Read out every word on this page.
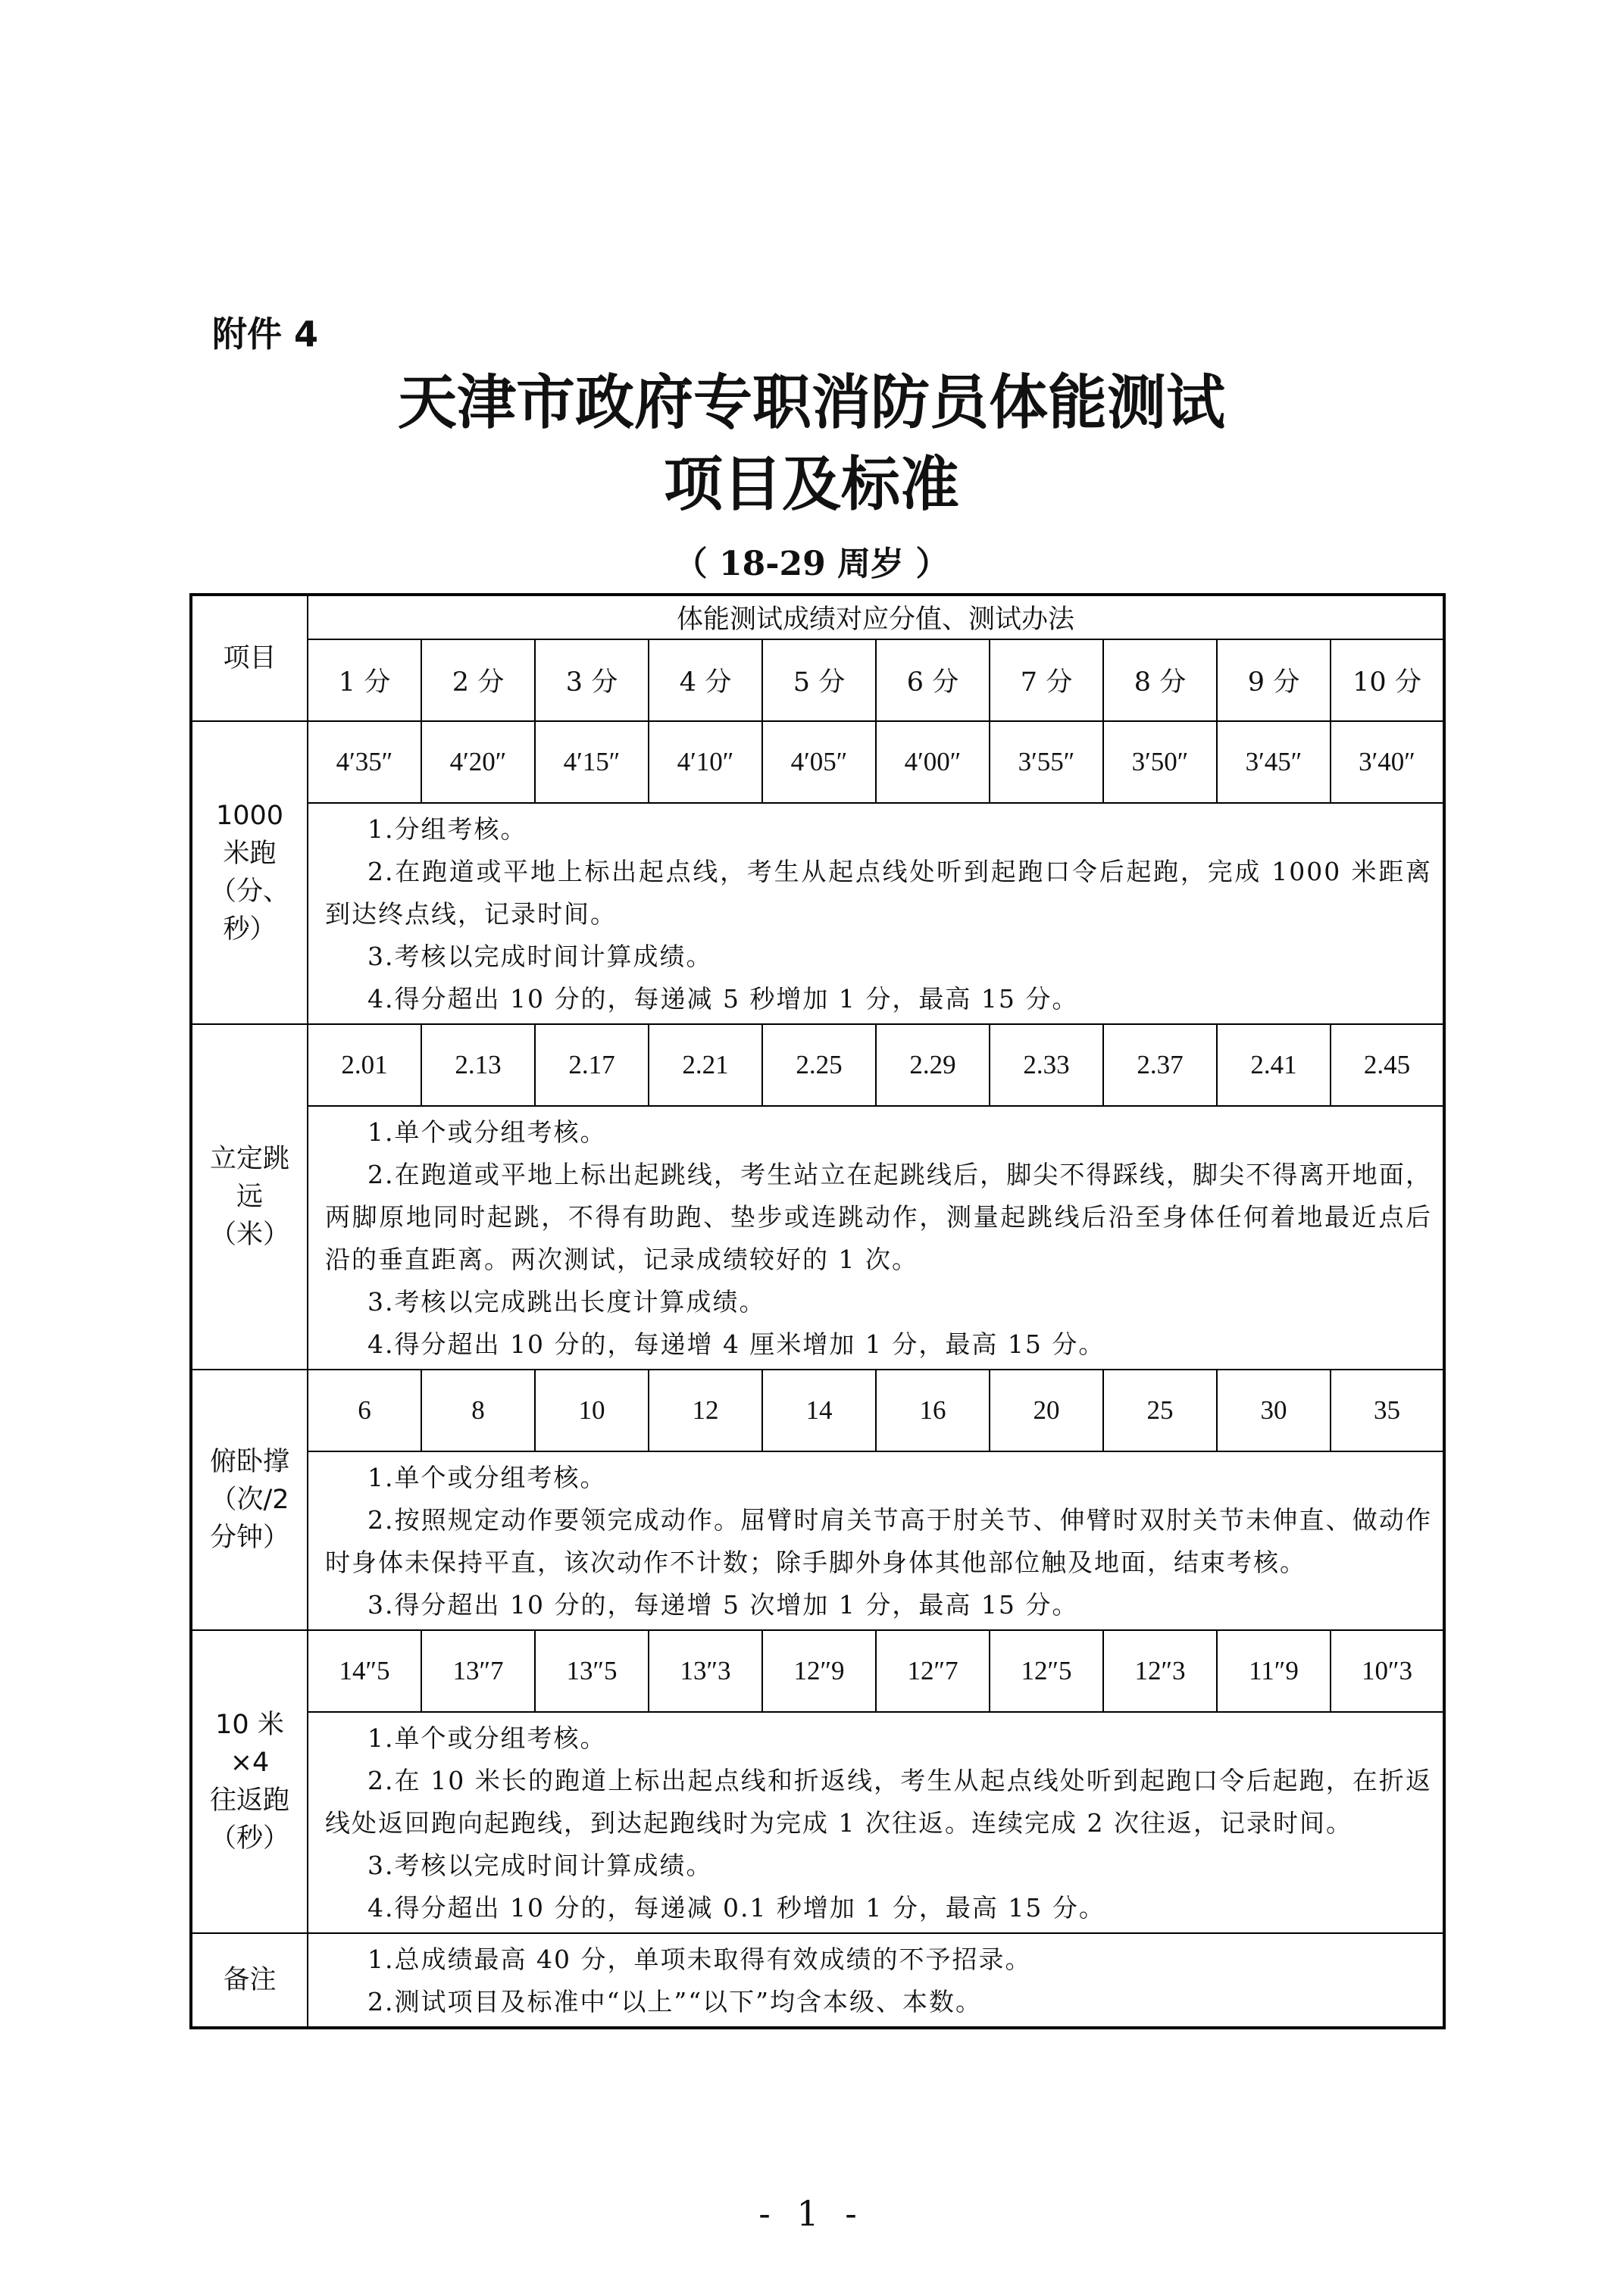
附件 4
天津市政府专职消防员体能测试
项目及标准
（ 18-29 周岁 ）
项目	体能测试成绩对应分值、测试办法									
	1 分	2 分	3 分	4 分	5 分	6 分	7 分	8 分	9 分	10 分

1000
米跑
（分、
秒）	4′35″	4′20″	4′15″	4′10″	4′05″	4′00″	3′55″	3′50″	3′45″	3′40″

	1.分组考核。

2.在跑道或平地上标出起点线，考生从起点线处听到起跑口令后起跑，完成 1000 米距离到达终点线，记录时间。

3.考核以完成时间计算成绩。

4.得分超出 10 分的，每递减 5 秒增加 1 分，最高 15 分。									

立定跳
远
（米）	2.01	2.13	2.17	2.21	2.25	2.29	2.33	2.37	2.41	2.45

	1.单个或分组考核。

2.在跑道或平地上标出起跳线，考生站立在起跳线后，脚尖不得踩线，脚尖不得离开地面，两脚原地同时起跳，不得有助跑、垫步或连跳动作，测量起跳线后沿至身体任何着地最近点后沿的垂直距离。两次测试，记录成绩较好的 1 次。

3.考核以完成跳出长度计算成绩。

4.得分超出 10 分的，每递增 4 厘米增加 1 分，最高 15 分。									

俯卧撑
（次/2
分钟）	6	8	10	12	14	16	20	25	30	35

	1.单个或分组考核。

2.按照规定动作要领完成动作。屈臂时肩关节高于肘关节、伸臂时双肘关节未伸直、做动作时身体未保持平直，该次动作不计数；除手脚外身体其他部位触及地面，结束考核。

3.得分超出 10 分的，每递增 5 次增加 1 分，最高 15 分。									

10 米
×4
往返跑
（秒）	14″5	13″7	13″5	13″3	12″9	12″7	12″5	12″3	11″9	10″3

	1.单个或分组考核。

2.在 10 米长的跑道上标出起点线和折返线，考生从起点线处听到起跑口令后起跑，在折返线处返回跑向起跑线，到达起跑线时为完成 1 次往返。连续完成 2 次往返，记录时间。

3.考核以完成时间计算成绩。

4.得分超出 10 分的，每递减 0.1 秒增加 1 分，最高 15 分。									

备注	1.总成绩最高 40 分，单项未取得有效成绩的不予招录。

2.测试项目及标准中“以上”“以下”均含本级、本数。									

- 1 -
